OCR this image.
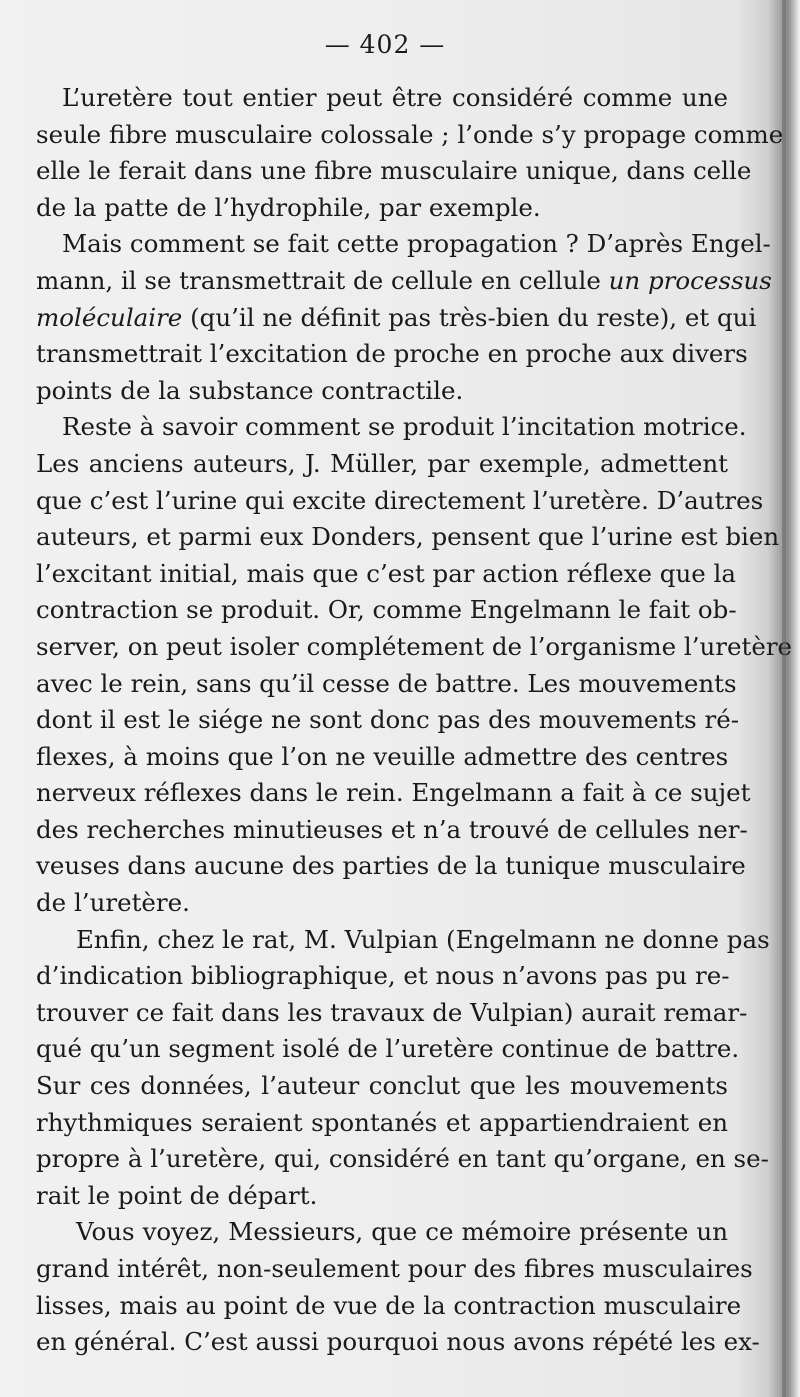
— 402 —

L’uretère tout entier peut être considéré comme une
seule fibre musculaire colossale ; l’onde s’y propage comme
elle le ferait dans une fibre musculaire unique, dans celle
de la patte de l’hydrophile, par exemple.

Mais comment se fait cette propagation ? D’après Engel-
mann, il se transmettrait de cellule en cellule un processus
moléculaire (qu’il ne définit pas très-bien du reste), et qui
transmettrait l’excitation de proche en proche aux divers
points de la substance contractile.

Reste à savoir comment se produit l’incitation motrice.
Les anciens auteurs, J. Müller, par exemple, admettent
que c’est l’urine qui excite directement l’uretère. D’autres
auteurs, et parmi eux Donders, pensent que l’urine est bien
l’excitant initial, mais que c’est par action réflexe que la
contraction se produit. Or, comme Engelmann le fait ob-
server, on peut isoler complétement de l’organisme l’uretère
avec le rein, sans qu’il cesse de battre. Les mouvements
dont il est le siége ne sont donc pas des mouvements ré-
flexes, à moins que l’on ne veuille admettre des centres
nerveux réflexes dans le rein. Engelmann a fait à ce sujet
des recherches minutieuses et n’a trouvé de cellules ner-
veuses dans aucune des parties de la tunique musculaire
de l’uretère.

Enfin, chez le rat, M. Vulpian (Engelmann ne donne pas
d’indication bibliographique, et nous n’avons pas pu re-
trouver ce fait dans les travaux de Vulpian) aurait remar-
qué qu’un segment isolé de l’uretère continue de battre.
Sur ces données, l’auteur conclut que les mouvements
rhythmiques seraient spontanés et appartiendraient en
propre à l’uretère, qui, considéré en tant qu’organe, en se-
rait le point de départ.

Vous voyez, Messieurs, que ce mémoire présente un
grand intérêt, non-seulement pour des fibres musculaires
lisses, mais au point de vue de la contraction musculaire
en général. C’est aussi pourquoi nous avons répété les ex-
